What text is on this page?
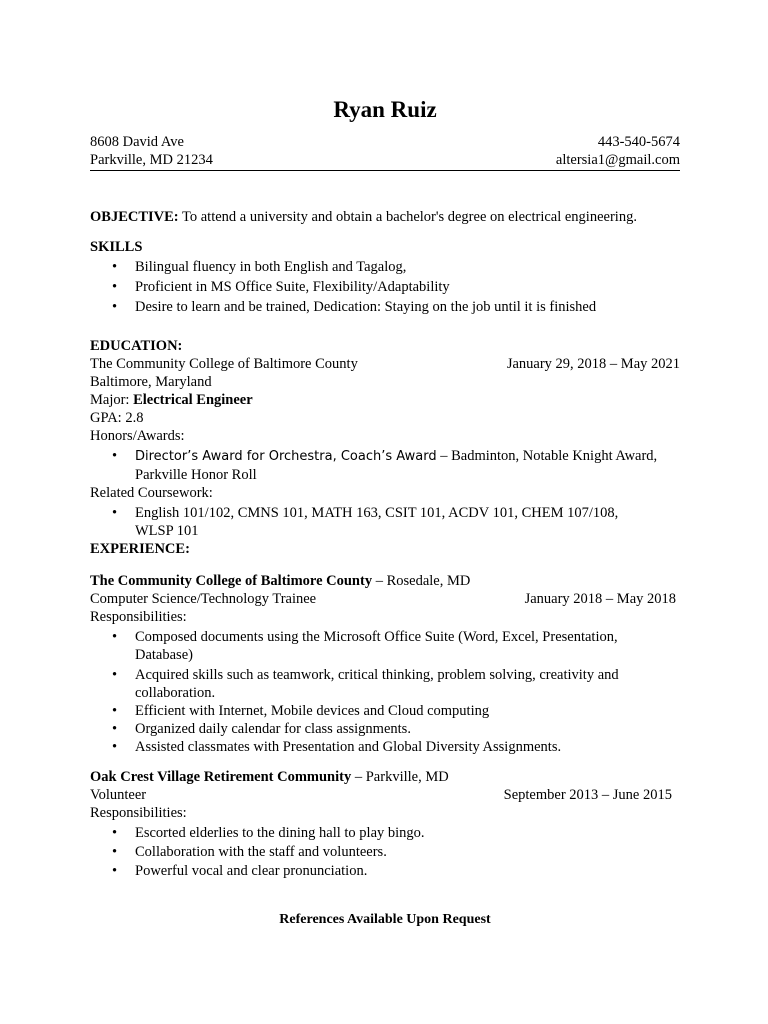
Ryan Ruiz
8608 David Ave	443-540-5674
Parkville, MD 21234	altersia1@gmail.com
OBJECTIVE: To attend a university and obtain a bachelor's degree on electrical engineering.
SKILLS
• Bilingual fluency in both English and Tagalog,
• Proficient in MS Office Suite, Flexibility/Adaptability
• Desire to learn and be trained, Dedication: Staying on the job until it is finished
EDUCATION:
The Community College of Baltimore County	January 29, 2018 – May 2021
Baltimore, Maryland
Major: Electrical Engineer
GPA: 2.8
Honors/Awards:
• Director’s Award for Orchestra, Coach’s Award – Badminton, Notable Knight Award,
Parkville Honor Roll
Related Coursework:
• English 101/102, CMNS 101, MATH 163, CSIT 101, ACDV 101, CHEM 107/108,
WLSP 101
EXPERIENCE:
The Community College of Baltimore County – Rosedale, MD
Computer Science/Technology Trainee	January 2018 – May 2018
Responsibilities:
• Composed documents using the Microsoft Office Suite (Word, Excel, Presentation,
Database)
• Acquired skills such as teamwork, critical thinking, problem solving, creativity and
collaboration.
• Efficient with Internet, Mobile devices and Cloud computing
• Organized daily calendar for class assignments.
• Assisted classmates with Presentation and Global Diversity Assignments.
Oak Crest Village Retirement Community – Parkville, MD
Volunteer	September 2013 – June 2015
Responsibilities:
• Escorted elderlies to the dining hall to play bingo.
• Collaboration with the staff and volunteers.
• Powerful vocal and clear pronunciation.
References Available Upon Request
